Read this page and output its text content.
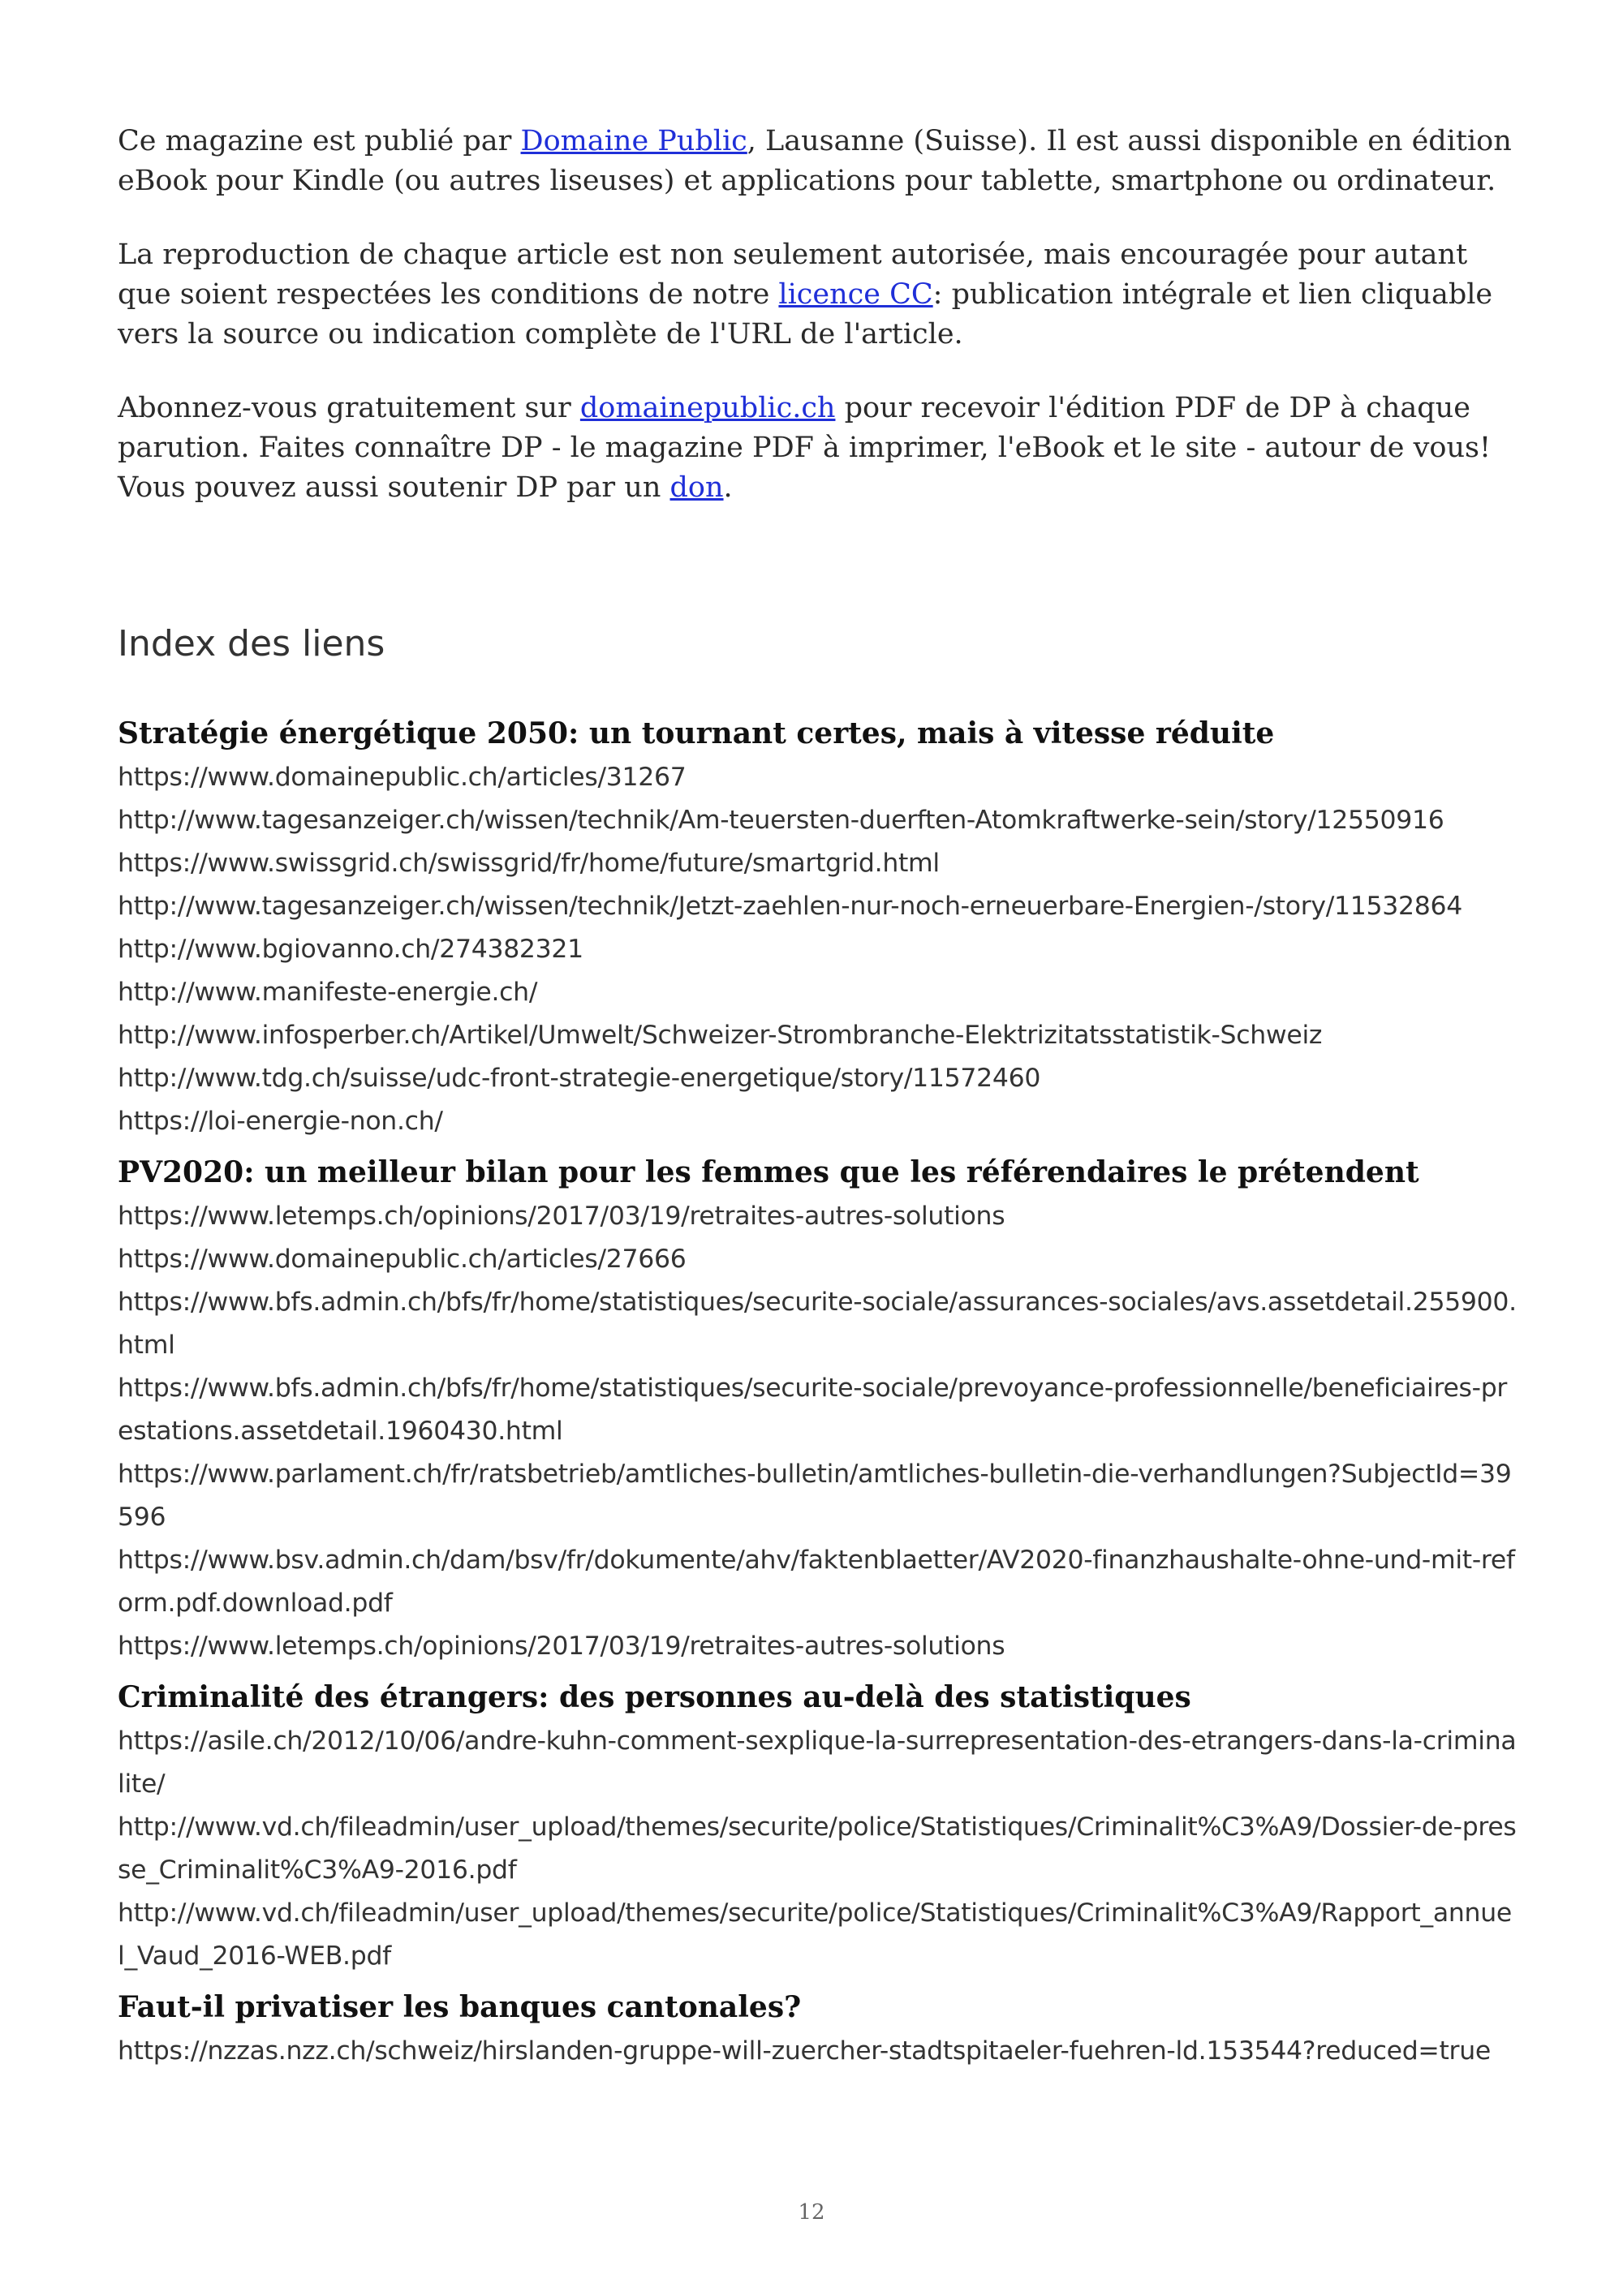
Ce magazine est publié par Domaine Public, Lausanne (Suisse). Il est aussi disponible en édition eBook pour Kindle (ou autres liseuses) et applications pour tablette, smartphone ou ordinateur.

La reproduction de chaque article est non seulement autorisée, mais encouragée pour autant que soient respectées les conditions de notre licence CC: publication intégrale et lien cliquable vers la source ou indication complète de l'URL de l'article.

Abonnez-vous gratuitement sur domainepublic.ch pour recevoir l'édition PDF de DP à chaque parution. Faites connaître DP - le magazine PDF à imprimer, l'eBook et le site - autour de vous! Vous pouvez aussi soutenir DP par un don.

Index des liens
Stratégie énergétique 2050: un tournant certes, mais à vitesse réduite
https://www.domainepublic.ch/articles/31267
http://www.tagesanzeiger.ch/wissen/technik/Am-teuersten-duerften-Atomkraftwerke-sein/story/12550916
https://www.swissgrid.ch/swissgrid/fr/home/future/smartgrid.html
http://www.tagesanzeiger.ch/wissen/technik/Jetzt-zaehlen-nur-noch-erneuerbare-Energien-/story/11532864
http://www.bgiovanno.ch/274382321
http://www.manifeste-energie.ch/
http://www.infosperber.ch/Artikel/Umwelt/Schweizer-Strombranche-Elektrizitatsstatistik-Schweiz
http://www.tdg.ch/suisse/udc-front-strategie-energetique/story/11572460
https://loi-energie-non.ch/
PV2020: un meilleur bilan pour les femmes que les référendaires le prétendent
https://www.letemps.ch/opinions/2017/03/19/retraites-autres-solutions
https://www.domainepublic.ch/articles/27666
https://www.bfs.admin.ch/bfs/fr/home/statistiques/securite-sociale/assurances-sociales/avs.assetdetail.255900.html
https://www.bfs.admin.ch/bfs/fr/home/statistiques/securite-sociale/prevoyance-professionnelle/beneficiaires-prestations.assetdetail.1960430.html
https://www.parlament.ch/fr/ratsbetrieb/amtliches-bulletin/amtliches-bulletin-die-verhandlungen?SubjectId=39596
https://www.bsv.admin.ch/dam/bsv/fr/dokumente/ahv/faktenblaetter/AV2020-finanzhaushalte-ohne-und-mit-reform.pdf.download.pdf
https://www.letemps.ch/opinions/2017/03/19/retraites-autres-solutions
Criminalité des étrangers: des personnes au-delà des statistiques
https://asile.ch/2012/10/06/andre-kuhn-comment-sexplique-la-surrepresentation-des-etrangers-dans-la-criminalite/
http://www.vd.ch/fileadmin/user_upload/themes/securite/police/Statistiques/Criminalit%C3%A9/Dossier-de-presse_Criminalit%C3%A9-2016.pdf
http://www.vd.ch/fileadmin/user_upload/themes/securite/police/Statistiques/Criminalit%C3%A9/Rapport_annuel_Vaud_2016-WEB.pdf
Faut-il privatiser les banques cantonales?
https://nzzas.nzz.ch/schweiz/hirslanden-gruppe-will-zuercher-stadtspitaeler-fuehren-ld.153544?reduced=true
12
